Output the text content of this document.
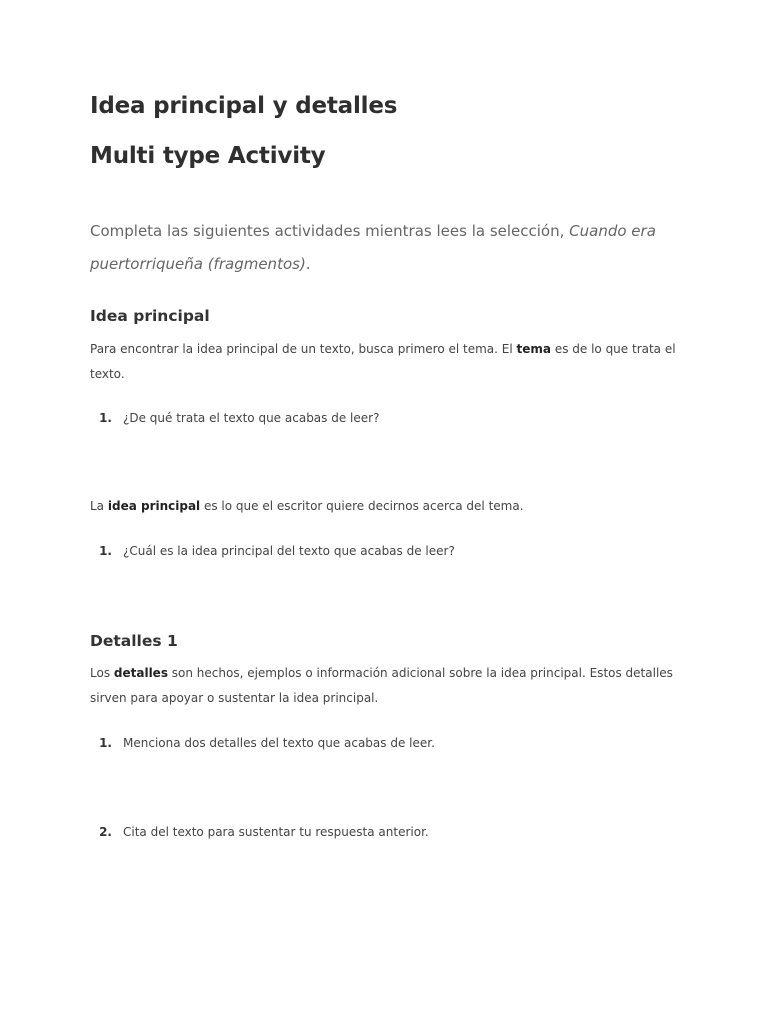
Idea principal y detalles
Multi type Activity

Completa las siguientes actividades mientras lees la selección, Cuando era puertorriqueña (fragmentos).

Idea principal

Para encontrar la idea principal de un texto, busca primero el tema. El tema es de lo que trata el texto.

1. ¿De qué trata el texto que acabas de leer?

La idea principal es lo que el escritor quiere decirnos acerca del tema.

1. ¿Cuál es la idea principal del texto que acabas de leer?

Detalles 1

Los detalles son hechos, ejemplos o información adicional sobre la idea principal. Estos detalles sirven para apoyar o sustentar la idea principal.

1. Menciona dos detalles del texto que acabas de leer.

2. Cita del texto para sustentar tu respuesta anterior.
